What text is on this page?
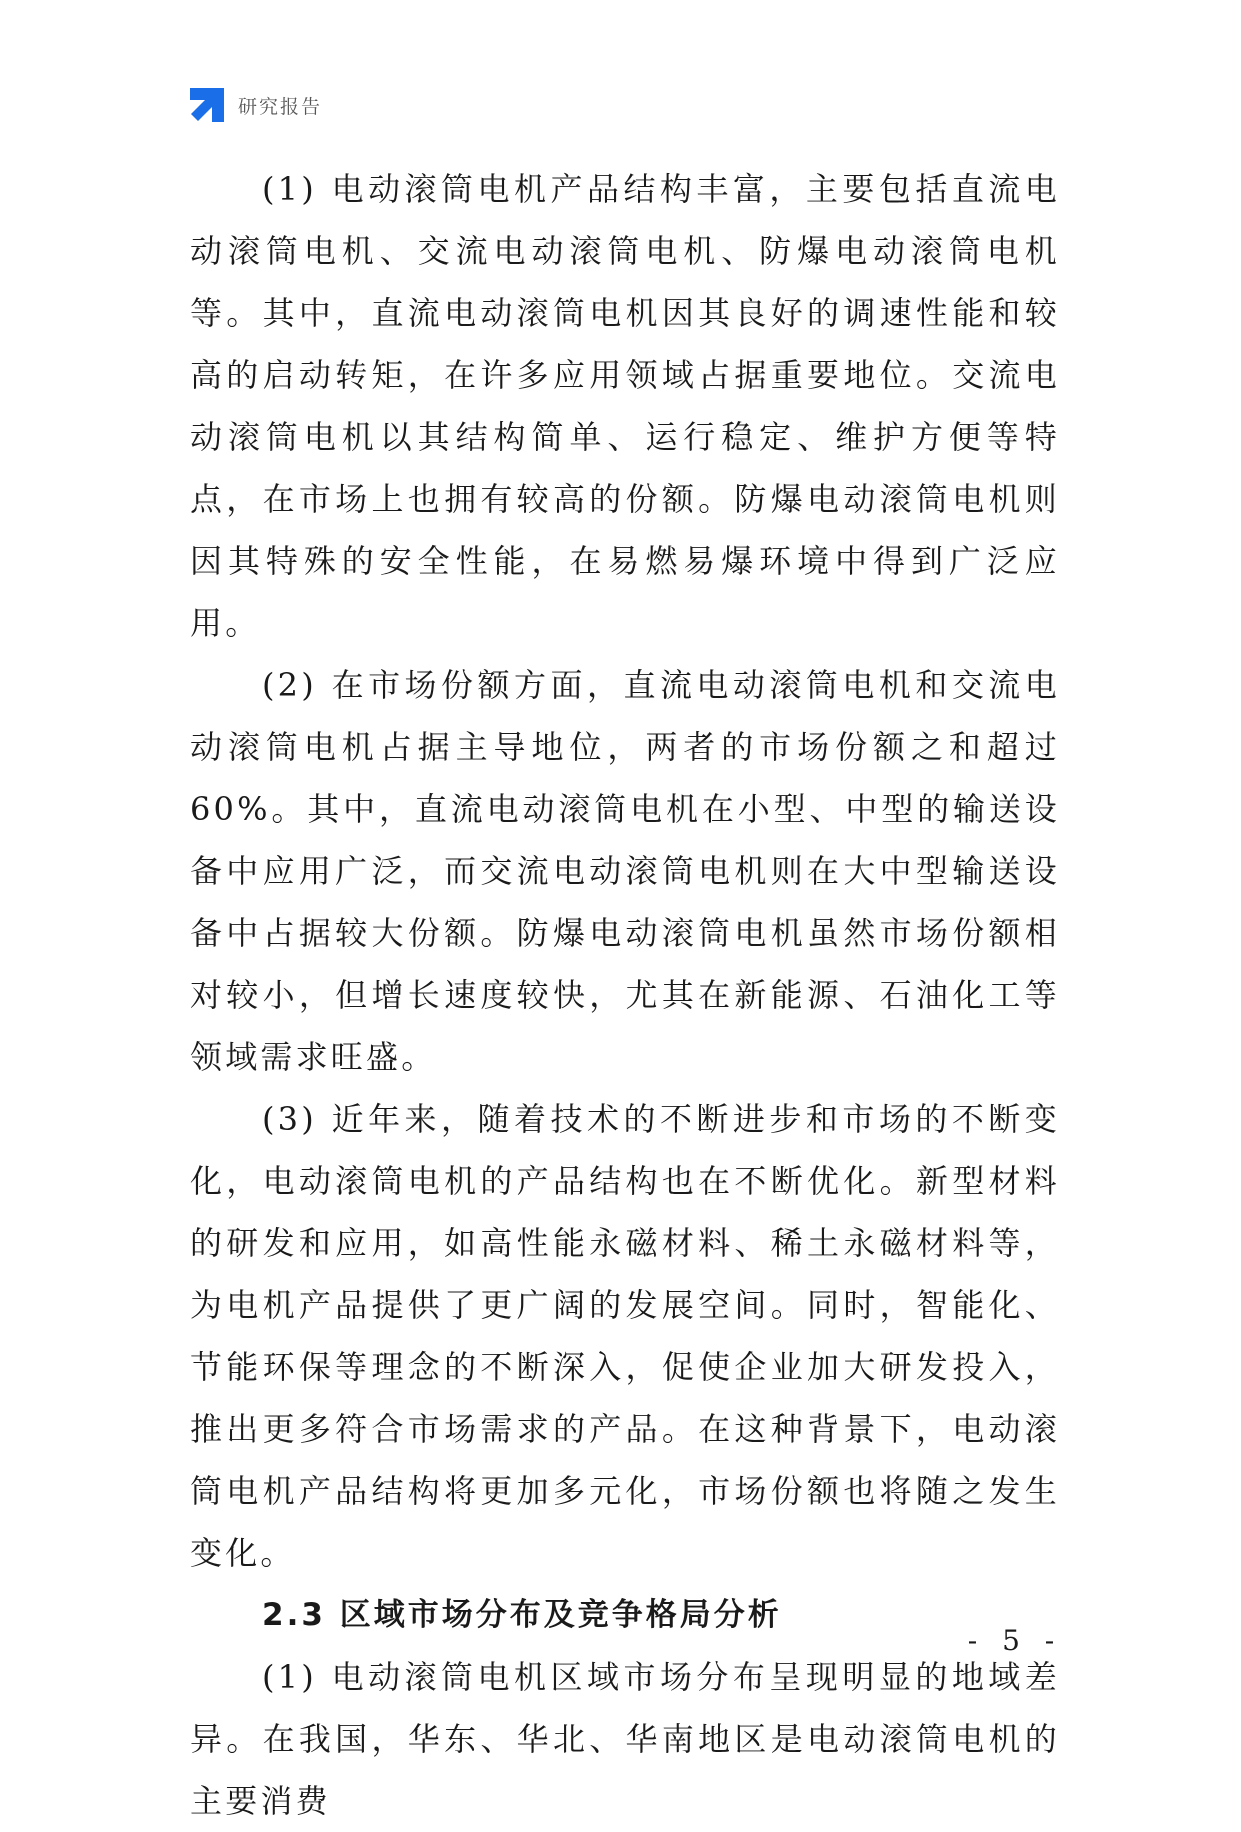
研究报告

(1) 电动滚筒电机产品结构丰富，主要包括直流电动滚筒电机、交流电动滚筒电机、防爆电动滚筒电机等。其中，直流电动滚筒电机因其良好的调速性能和较高的启动转矩，在许多应用领域占据重要地位。交流电动滚筒电机以其结构简单、运行稳定、维护方便等特点，在市场上也拥有较高的份额。防爆电动滚筒电机则因其特殊的安全性能，在易燃易爆环境中得到广泛应用。

(2) 在市场份额方面，直流电动滚筒电机和交流电动滚筒电机占据主导地位，两者的市场份额之和超过60%。其中，直流电动滚筒电机在小型、中型的输送设备中应用广泛，而交流电动滚筒电机则在大中型输送设备中占据较大份额。防爆电动滚筒电机虽然市场份额相对较小，但增长速度较快，尤其在新能源、石油化工等领域需求旺盛。

(3) 近年来，随着技术的不断进步和市场的不断变化，电动滚筒电机的产品结构也在不断优化。新型材料的研发和应用，如高性能永磁材料、稀土永磁材料等，为电机产品提供了更广阔的发展空间。同时，智能化、节能环保等理念的不断深入，促使企业加大研发投入，推出更多符合市场需求的产品。在这种背景下，电动滚筒电机产品结构将更加多元化，市场份额也将随之发生变化。

2.3 区域市场分布及竞争格局分析

(1) 电动滚筒电机区域市场分布呈现明显的地域差异。在我国，华东、华北、华南地区是电动滚筒电机的主要消费

- 5 -
